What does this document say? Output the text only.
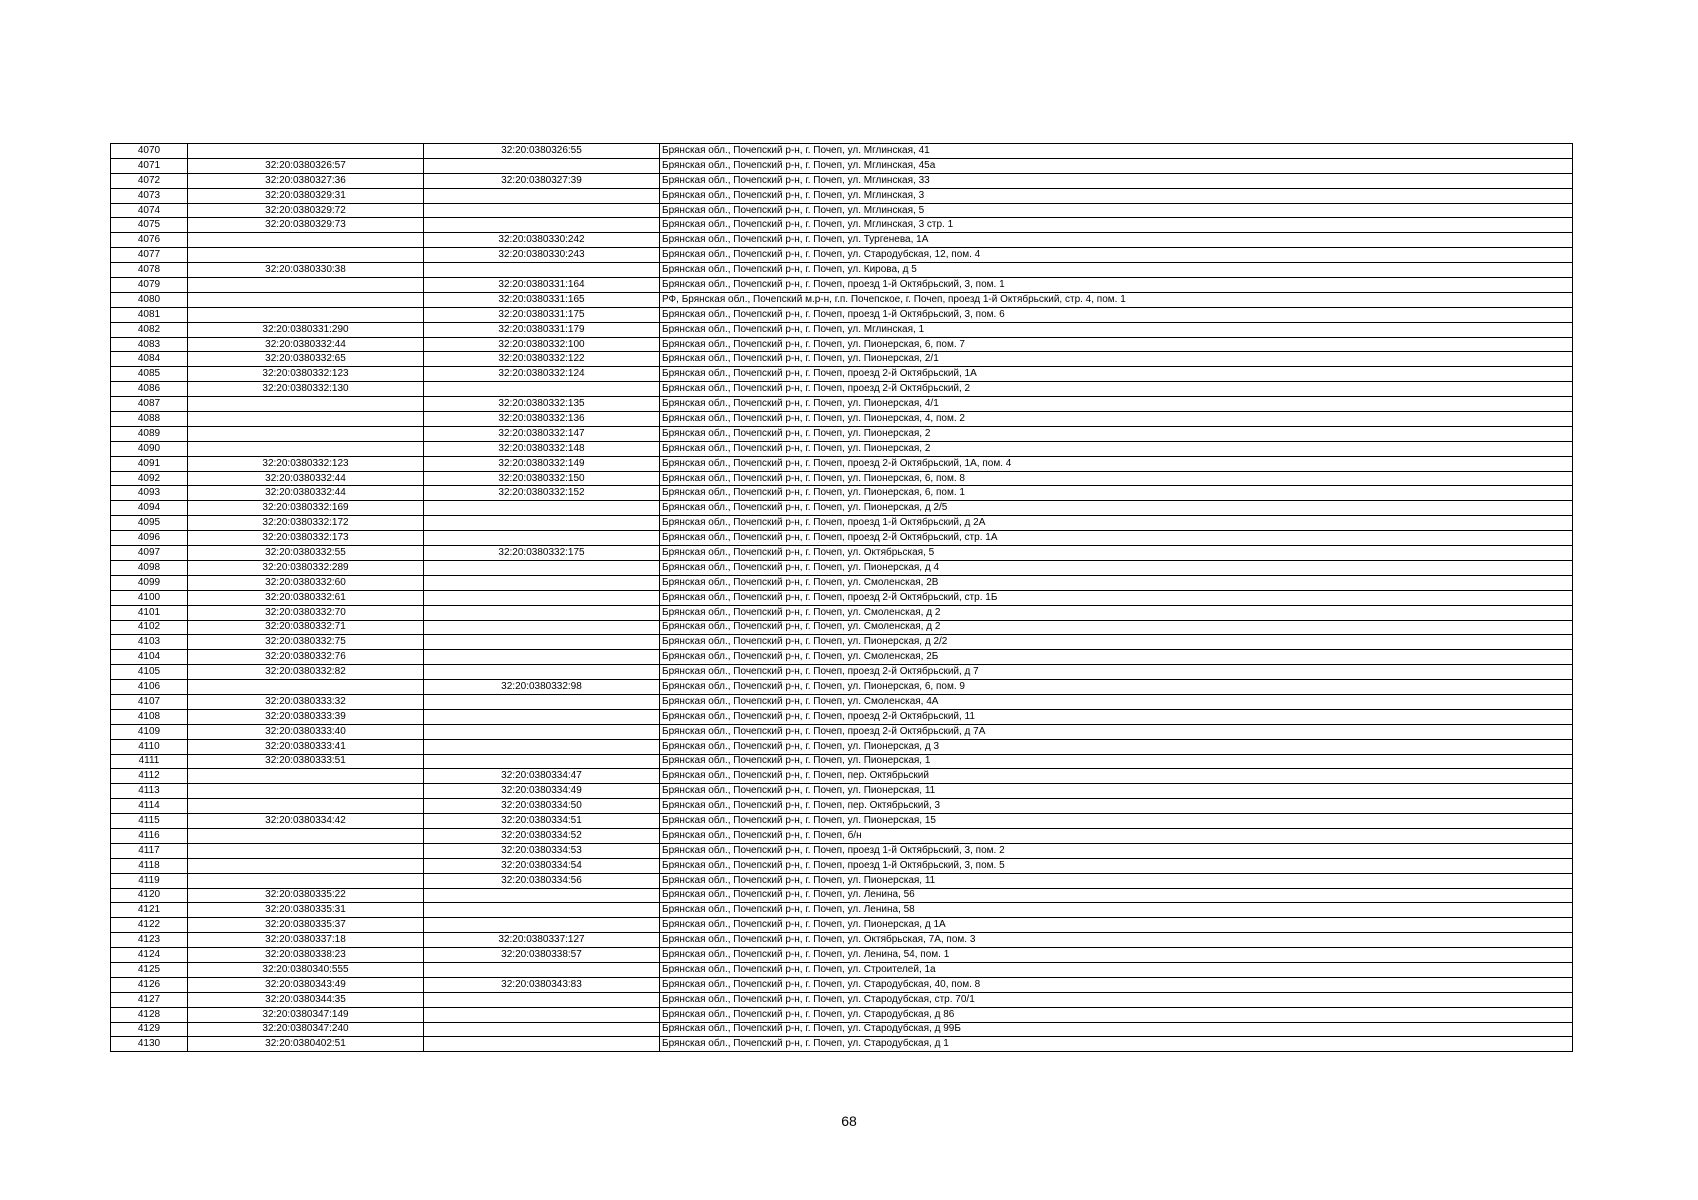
4070		32:20:0380326:55	Брянская обл., Почепский р-н, г. Почеп, ул. Мглинская, 41
4071	32:20:0380326:57		Брянская обл., Почепский р-н, г. Почеп, ул. Мглинская, 45а
4072	32:20:0380327:36	32:20:0380327:39	Брянская обл., Почепский р-н, г. Почеп, ул. Мглинская, 33
4073	32:20:0380329:31		Брянская обл., Почепский р-н, г. Почеп, ул. Мглинская, 3
4074	32:20:0380329:72		Брянская обл., Почепский р-н, г. Почеп, ул. Мглинская, 5
4075	32:20:0380329:73		Брянская обл., Почепский р-н, г. Почеп, ул. Мглинская, 3 стр. 1
4076		32:20:0380330:242	Брянская обл., Почепский р-н, г. Почеп, ул. Тургенева, 1А
4077		32:20:0380330:243	Брянская обл., Почепский р-н, г. Почеп, ул. Стародубская, 12, пом. 4
4078	32:20:0380330:38		Брянская обл., Почепский р-н, г. Почеп, ул. Кирова, д 5
4079		32:20:0380331:164	Брянская обл., Почепский р-н, г. Почеп, проезд 1-й Октябрьский, 3, пом. 1
4080		32:20:0380331:165	РФ, Брянская обл., Почепский м.р-н, г.п. Почепское, г. Почеп, проезд 1-й Октябрьский, стр. 4, пом. 1
4081		32:20:0380331:175	Брянская обл., Почепский р-н, г. Почеп, проезд 1-й Октябрьский, 3, пом. 6
4082	32:20:0380331:290	32:20:0380331:179	Брянская обл., Почепский р-н, г. Почеп, ул. Мглинская, 1
4083	32:20:0380332:44	32:20:0380332:100	Брянская обл., Почепский р-н, г. Почеп, ул. Пионерская, 6, пом. 7
4084	32:20:0380332:65	32:20:0380332:122	Брянская обл., Почепский р-н, г. Почеп, ул. Пионерская, 2/1
4085	32:20:0380332:123	32:20:0380332:124	Брянская обл., Почепский р-н, г. Почеп, проезд 2-й Октябрьский, 1А
4086	32:20:0380332:130		Брянская обл., Почепский р-н, г. Почеп, проезд 2-й Октябрьский, 2
4087		32:20:0380332:135	Брянская обл., Почепский р-н, г. Почеп, ул. Пионерская, 4/1
4088		32:20:0380332:136	Брянская обл., Почепский р-н, г. Почеп, ул. Пионерская, 4, пом. 2
4089		32:20:0380332:147	Брянская обл., Почепский р-н, г. Почеп, ул. Пионерская, 2
4090		32:20:0380332:148	Брянская обл., Почепский р-н, г. Почеп, ул. Пионерская, 2
4091	32:20:0380332:123	32:20:0380332:149	Брянская обл., Почепский р-н, г. Почеп, проезд 2-й Октябрьский, 1А, пом. 4
4092	32:20:0380332:44	32:20:0380332:150	Брянская обл., Почепский р-н, г. Почеп, ул. Пионерская, 6, пом. 8
4093	32:20:0380332:44	32:20:0380332:152	Брянская обл., Почепский р-н, г. Почеп, ул. Пионерская, 6, пом. 1
4094	32:20:0380332:169		Брянская обл., Почепский р-н, г. Почеп, ул. Пионерская, д 2/5
4095	32:20:0380332:172		Брянская обл., Почепский р-н, г. Почеп, проезд 1-й Октябрьский, д 2А
4096	32:20:0380332:173		Брянская обл., Почепский р-н, г. Почеп, проезд 2-й Октябрьский, стр. 1А
4097	32:20:0380332:55	32:20:0380332:175	Брянская обл., Почепский р-н, г. Почеп, ул. Октябрьская, 5
4098	32:20:0380332:289		Брянская обл., Почепский р-н, г. Почеп, ул. Пионерская, д 4
4099	32:20:0380332:60		Брянская обл., Почепский р-н, г. Почеп, ул. Смоленская, 2В
4100	32:20:0380332:61		Брянская обл., Почепский р-н, г. Почеп, проезд 2-й Октябрьский, стр. 1Б
4101	32:20:0380332:70		Брянская обл., Почепский р-н, г. Почеп, ул. Смоленская, д 2
4102	32:20:0380332:71		Брянская обл., Почепский р-н, г. Почеп, ул. Смоленская, д 2
4103	32:20:0380332:75		Брянская обл., Почепский р-н, г. Почеп, ул. Пионерская, д 2/2
4104	32:20:0380332:76		Брянская обл., Почепский р-н, г. Почеп, ул. Смоленская, 2Б
4105	32:20:0380332:82		Брянская обл., Почепский р-н, г. Почеп, проезд 2-й Октябрьский, д 7
4106		32:20:0380332:98	Брянская обл., Почепский р-н, г. Почеп, ул. Пионерская, 6, пом. 9
4107	32:20:0380333:32		Брянская обл., Почепский р-н, г. Почеп, ул. Смоленская, 4А
4108	32:20:0380333:39		Брянская обл., Почепский р-н, г. Почеп, проезд 2-й Октябрьский, 11
4109	32:20:0380333:40		Брянская обл., Почепский р-н, г. Почеп, проезд 2-й Октябрьский, д 7А
4110	32:20:0380333:41		Брянская обл., Почепский р-н, г. Почеп, ул. Пионерская, д 3
4111	32:20:0380333:51		Брянская обл., Почепский р-н, г. Почеп, ул. Пионерская, 1
4112		32:20:0380334:47	Брянская обл., Почепский р-н, г. Почеп, пер. Октябрьский
4113		32:20:0380334:49	Брянская обл., Почепский р-н, г. Почеп, ул. Пионерская, 11
4114		32:20:0380334:50	Брянская обл., Почепский р-н, г. Почеп, пер. Октябрьский, 3
4115	32:20:0380334:42	32:20:0380334:51	Брянская обл., Почепский р-н, г. Почеп, ул. Пионерская, 15
4116		32:20:0380334:52	Брянская обл., Почепский р-н, г. Почеп, б/н
4117		32:20:0380334:53	Брянская обл., Почепский р-н, г. Почеп, проезд 1-й Октябрьский, 3, пом. 2
4118		32:20:0380334:54	Брянская обл., Почепский р-н, г. Почеп, проезд 1-й Октябрьский, 3, пом. 5
4119		32:20:0380334:56	Брянская обл., Почепский р-н, г. Почеп, ул. Пионерская, 11
4120	32:20:0380335:22		Брянская обл., Почепский р-н, г. Почеп, ул. Ленина, 56
4121	32:20:0380335:31		Брянская обл., Почепский р-н, г. Почеп, ул. Ленина, 58
4122	32:20:0380335:37		Брянская обл., Почепский р-н, г. Почеп, ул. Пионерская, д 1А
4123	32:20:0380337:18	32:20:0380337:127	Брянская обл., Почепский р-н, г. Почеп, ул. Октябрьская, 7А, пом. 3
4124	32:20:0380338:23	32:20:0380338:57	Брянская обл., Почепский р-н, г. Почеп, ул. Ленина, 54, пом. 1
4125	32:20:0380340:555		Брянская обл., Почепский р-н, г. Почеп, ул. Строителей, 1а
4126	32:20:0380343:49	32:20:0380343:83	Брянская обл., Почепский р-н, г. Почеп, ул. Стародубская, 40, пом. 8
4127	32:20:0380344:35		Брянская обл., Почепский р-н, г. Почеп, ул. Стародубская, стр. 70/1
4128	32:20:0380347:149		Брянская обл., Почепский р-н, г. Почеп, ул. Стародубская, д 86
4129	32:20:0380347:240		Брянская обл., Почепский р-н, г. Почеп, ул. Стародубская, д 99Б
4130	32:20:0380402:51		Брянская обл., Почепский р-н, г. Почеп, ул. Стародубская, д 1
68
